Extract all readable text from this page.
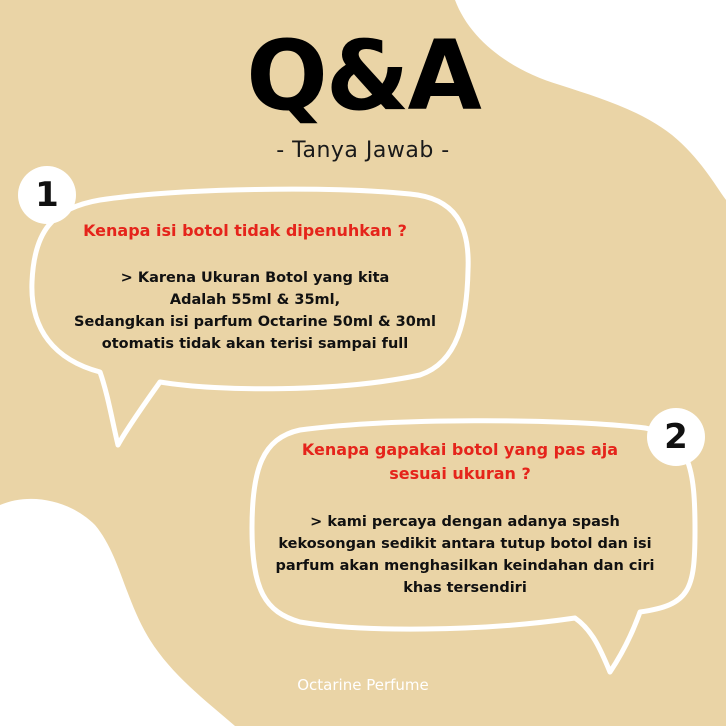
Q&A
- Tanya Jawab -
1
Kenapa isi botol tidak dipenuhkan ?
> Karena Ukuran Botol yang kita
Adalah 55ml & 35ml,
Sedangkan isi parfum Octarine 50ml & 30ml
otomatis tidak akan terisi sampai full
2
Kenapa gapakai botol yang pas aja
sesuai ukuran ?
> kami percaya dengan adanya spash
kekosongan sedikit antara tutup botol dan isi
parfum akan menghasilkan keindahan dan ciri
khas tersendiri
Octarine Perfume
